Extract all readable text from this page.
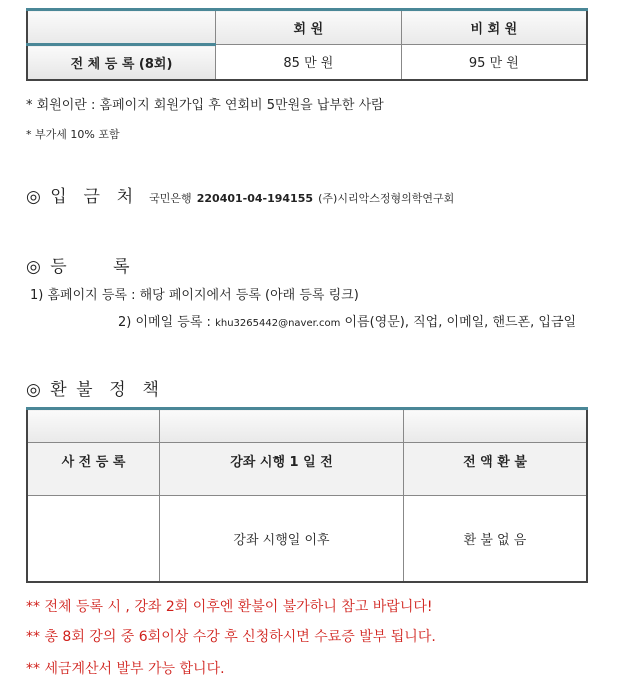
	회 원	비 회 원
전 체 등 록 (8회)	85 만 원	95 만 원
* 회원이란 : 홈페이지 회원가입 후 연회비 5만원을 납부한 사람
* 부가세 10% 포함
◎ 입  금  처 국민은행 220401-04-194155 (주)시리악스정형의학연구회
◎ 등      록
1) 홈페이지 등록 : 해당 페이지에서 등록 (아래 등록 링크)
2) 이메일 등록 : khu3265442@naver.com 이름(영문), 직업, 이메일, 핸드폰, 입금일
◎ 환 불  정  책

사 전 등 록	강좌 시행 1 일 전	전 액 환 불
	강좌 시행일 이후	환 불 없 음
** 전체 등록 시 , 강좌 2회 이후엔 환불이 불가하니 참고 바랍니다!
** 총 8회 강의 중 6회이상 수강 후 신청하시면 수료증 발부 됩니다.
** 세금계산서 발부 가능 합니다.
